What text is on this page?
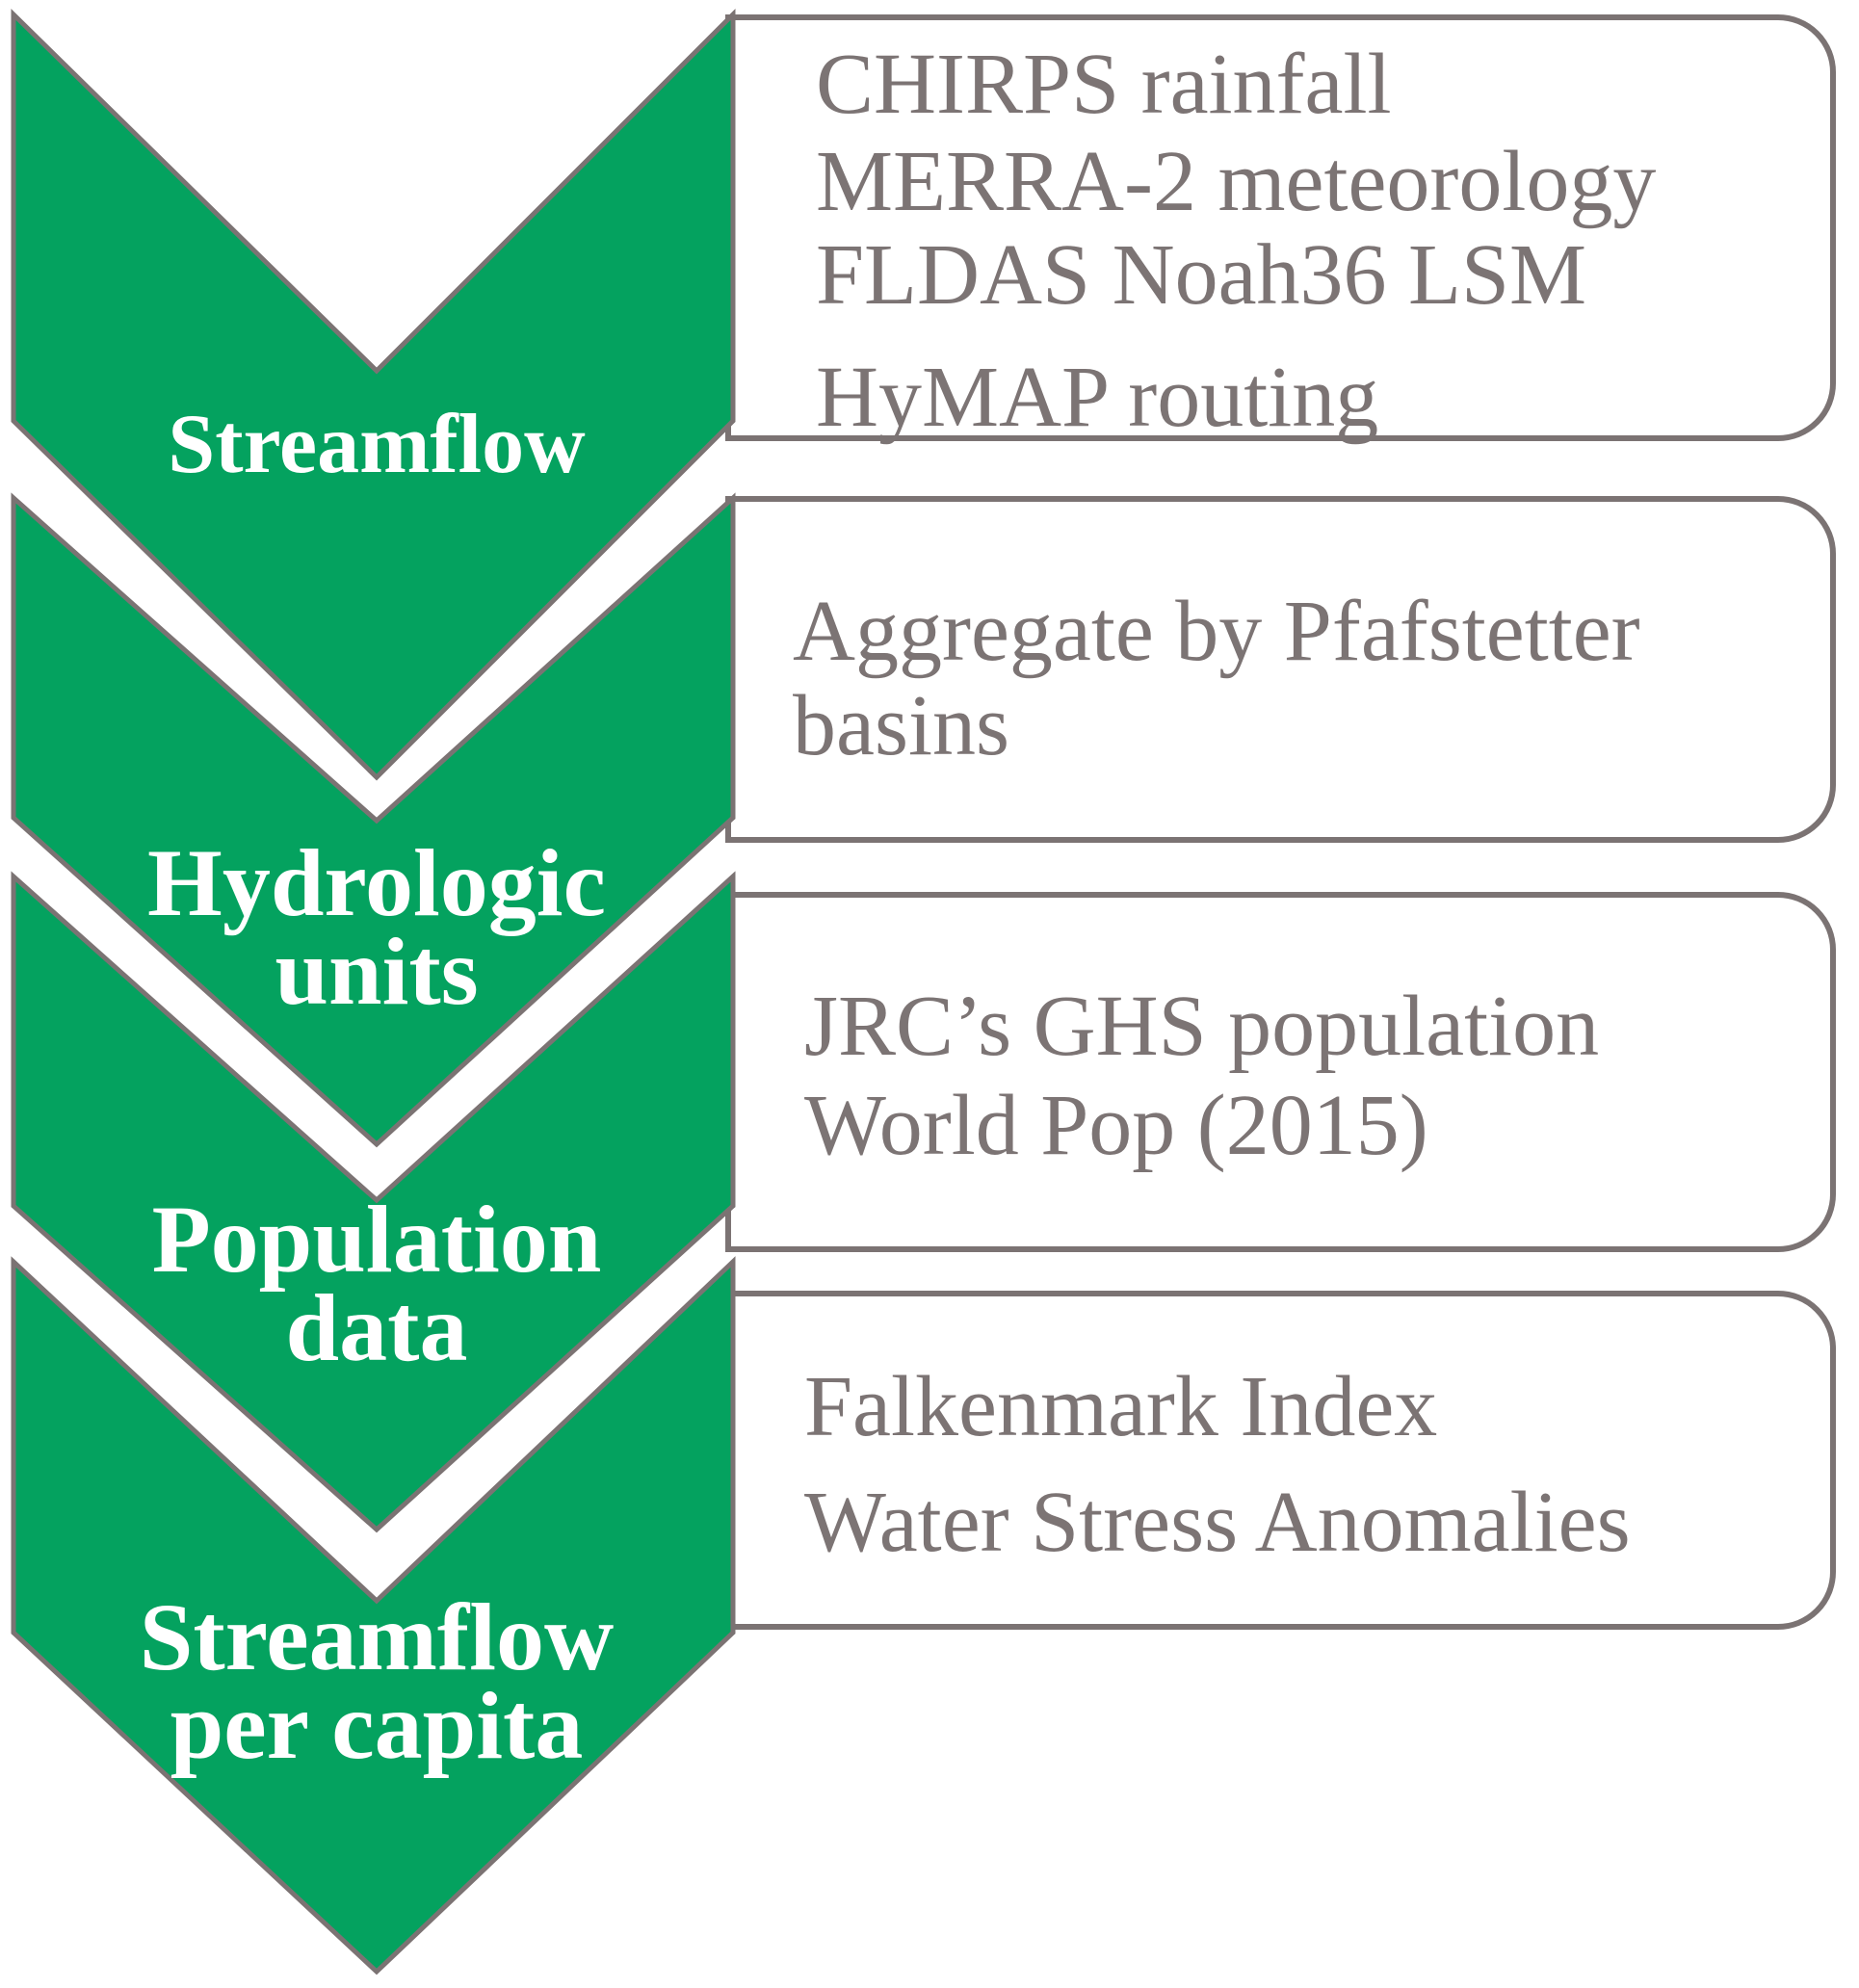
CHIRPS rainfall
MERRA-2 meteorology
FLDAS Noah36 LSM
HyMAP routing
Aggregate by Pfafstetter
basins
JRC’s GHS population
World Pop (2015)
Falkenmark Index
Water Stress Anomalies
Streamflow
Hydrologic
units
Population
data
Streamflow
per capita
